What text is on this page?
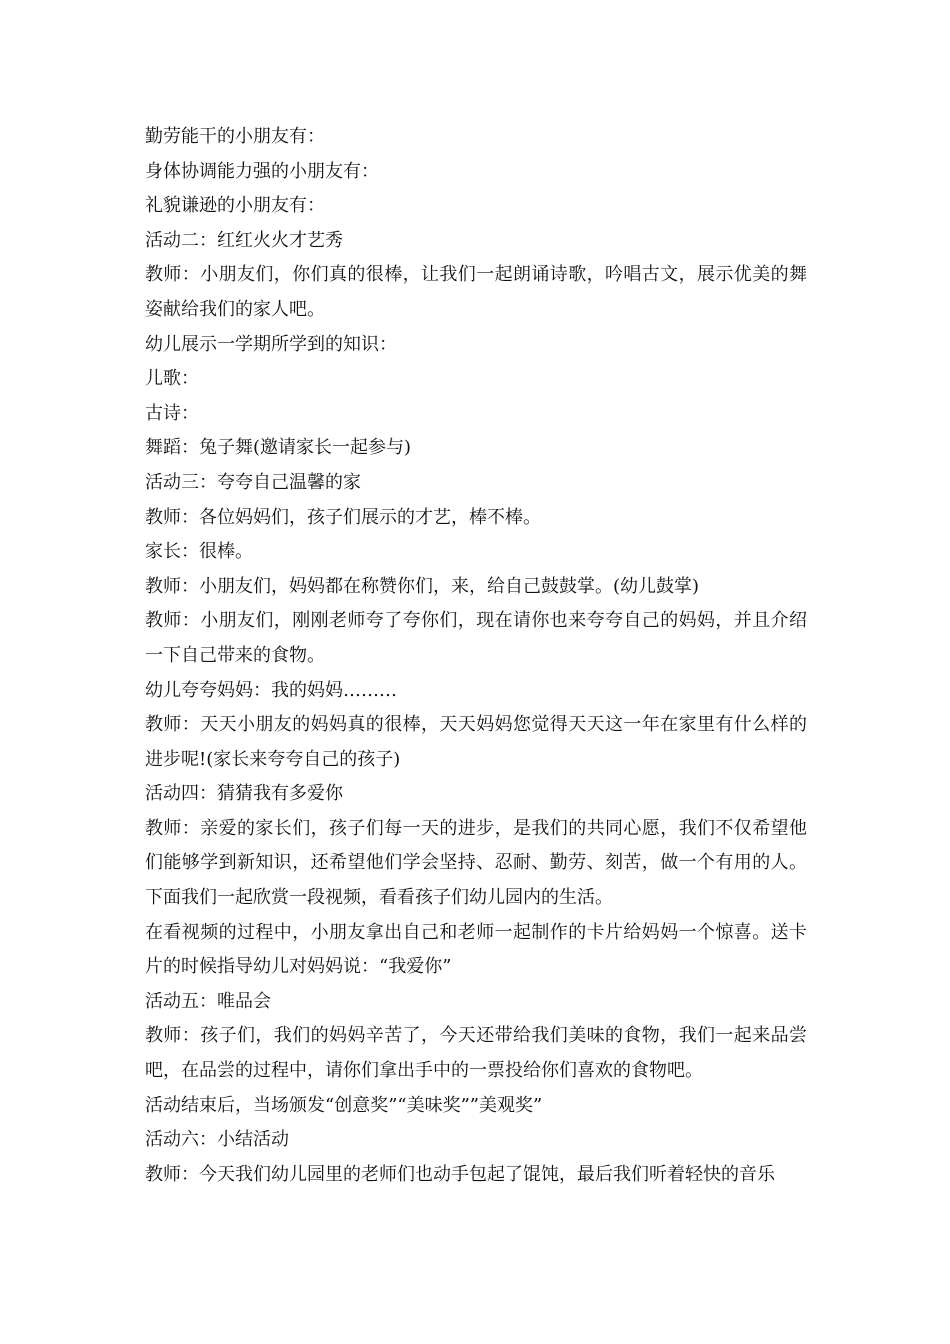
勤劳能干的小朋友有：

身体协调能力强的小朋友有：

礼貌谦逊的小朋友有：

活动二：红红火火才艺秀

教师：小朋友们，你们真的很棒，让我们一起朗诵诗歌，吟唱古文，展示优美的舞姿献给我们的家人吧。

幼儿展示一学期所学到的知识：

儿歌：

古诗：

舞蹈：兔子舞(邀请家长一起参与)

活动三：夸夸自己温馨的家

教师：各位妈妈们，孩子们展示的才艺，棒不棒。

家长：很棒。

教师：小朋友们，妈妈都在称赞你们，来，给自己鼓鼓掌。(幼儿鼓掌)

教师：小朋友们，刚刚老师夸了夸你们，现在请你也来夸夸自己的妈妈，并且介绍一下自己带来的食物。

幼儿夸夸妈妈：我的妈妈………

教师：天天小朋友的妈妈真的很棒，天天妈妈您觉得天天这一年在家里有什么样的进步呢!(家长来夸夸自己的孩子)

活动四：猜猜我有多爱你

教师：亲爱的家长们，孩子们每一天的进步，是我们的共同心愿，我们不仅希望他们能够学到新知识，还希望他们学会坚持、忍耐、勤劳、刻苦，做一个有用的人。下面我们一起欣赏一段视频，看看孩子们幼儿园内的生活。

在看视频的过程中，小朋友拿出自己和老师一起制作的卡片给妈妈一个惊喜。送卡片的时候指导幼儿对妈妈说：“我爱你”

活动五：唯品会

教师：孩子们，我们的妈妈辛苦了，今天还带给我们美味的食物，我们一起来品尝吧，在品尝的过程中，请你们拿出手中的一票投给你们喜欢的食物吧。

活动结束后，当场颁发“创意奖”“美味奖””美观奖”

活动六：小结活动

教师：今天我们幼儿园里的老师们也动手包起了馄饨，最后我们听着轻快的音乐
